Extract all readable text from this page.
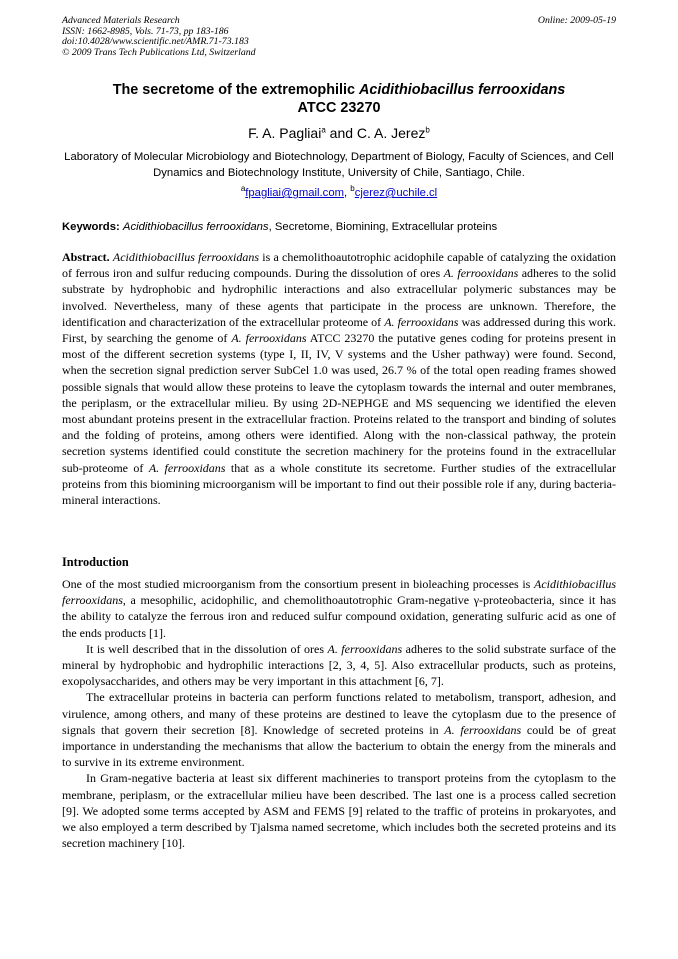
Advanced Materials Research
ISSN: 1662-8985, Vols. 71-73, pp 183-186
doi:10.4028/www.scientific.net/AMR.71-73.183
© 2009 Trans Tech Publications Ltd, Switzerland
Online: 2009-05-19
The secretome of the extremophilic Acidithiobacillus ferrooxidans
ATCC 23270
F. A. Pagliai$^a$ and C. A. Jerez$^b$
Laboratory of Molecular Microbiology and Biotechnology, Department of Biology, Faculty of Sciences, and Cell Dynamics and Biotechnology Institute, University of Chile, Santiago, Chile.
$^a$fpagliai@gmail.com, $^b$cjerez@uchile.cl
Keywords: Acidithiobacillus ferrooxidans, Secretome, Biomining, Extracellular proteins

Abstract. Acidithiobacillus ferrooxidans is a chemolithoautotrophic acidophile capable of catalyzing the oxidation of ferrous iron and sulfur reducing compounds. During the dissolution of ores A. ferrooxidans adheres to the solid substrate by hydrophobic and hydrophilic interactions and also extracellular polymeric substances may be involved. Nevertheless, many of these agents that participate in the process are unknown. Therefore, the identification and characterization of the extracellular proteome of A. ferrooxidans was addressed during this work. First, by searching the genome of A. ferrooxidans ATCC 23270 the putative genes coding for proteins present in most of the different secretion systems (type I, II, IV, V systems and the Usher pathway) were found. Second, when the secretion signal prediction server SubCel 1.0 was used, 26.7 % of the total open reading frames showed possible signals that would allow these proteins to leave the cytoplasm towards the internal and outer membranes, the periplasm, or the extracellular milieu. By using 2D-NEPHGE and MS sequencing we identified the eleven most abundant proteins present in the extracellular fraction. Proteins related to the transport and binding of solutes and the folding of proteins, among others were identified. Along with the non-classical pathway, the protein secretion systems identified could constitute the secretion machinery for the proteins found in the extracellular sub-proteome of A. ferrooxidans that as a whole constitute its secretome. Further studies of the extracellular proteins from this biomining microorganism will be important to find out their possible role if any, during bacteria-mineral interactions.

Introduction

One of the most studied microorganism from the consortium present in bioleaching processes is Acidithiobacillus ferrooxidans, a mesophilic, acidophilic, and chemolithoautotrophic Gram-negative γ-proteobacteria, since it has the ability to catalyze the ferrous iron and reduced sulfur compound oxidation, generating sulfuric acid as one of the ends products [1].

It is well described that in the dissolution of ores A. ferrooxidans adheres to the solid substrate surface of the mineral by hydrophobic and hydrophilic interactions [2, 3, 4, 5]. Also extracellular products, such as proteins, exopolysaccharides, and others may be very important in this attachment [6, 7].

The extracellular proteins in bacteria can perform functions related to metabolism, transport, adhesion, and virulence, among others, and many of these proteins are destined to leave the cytoplasm due to the presence of signals that govern their secretion [8]. Knowledge of secreted proteins in A. ferrooxidans could be of great importance in understanding the mechanisms that allow the bacterium to obtain the energy from the minerals and to survive in its extreme environment.

In Gram-negative bacteria at least six different machineries to transport proteins from the cytoplasm to the membrane, periplasm, or the extracellular milieu have been described. The last one is a process called secretion [9]. We adopted some terms accepted by ASM and FEMS [9] related to the traffic of proteins in prokaryotes, and we also employed a term described by Tjalsma named secretome, which includes both the secreted proteins and its secretion machinery [10].
